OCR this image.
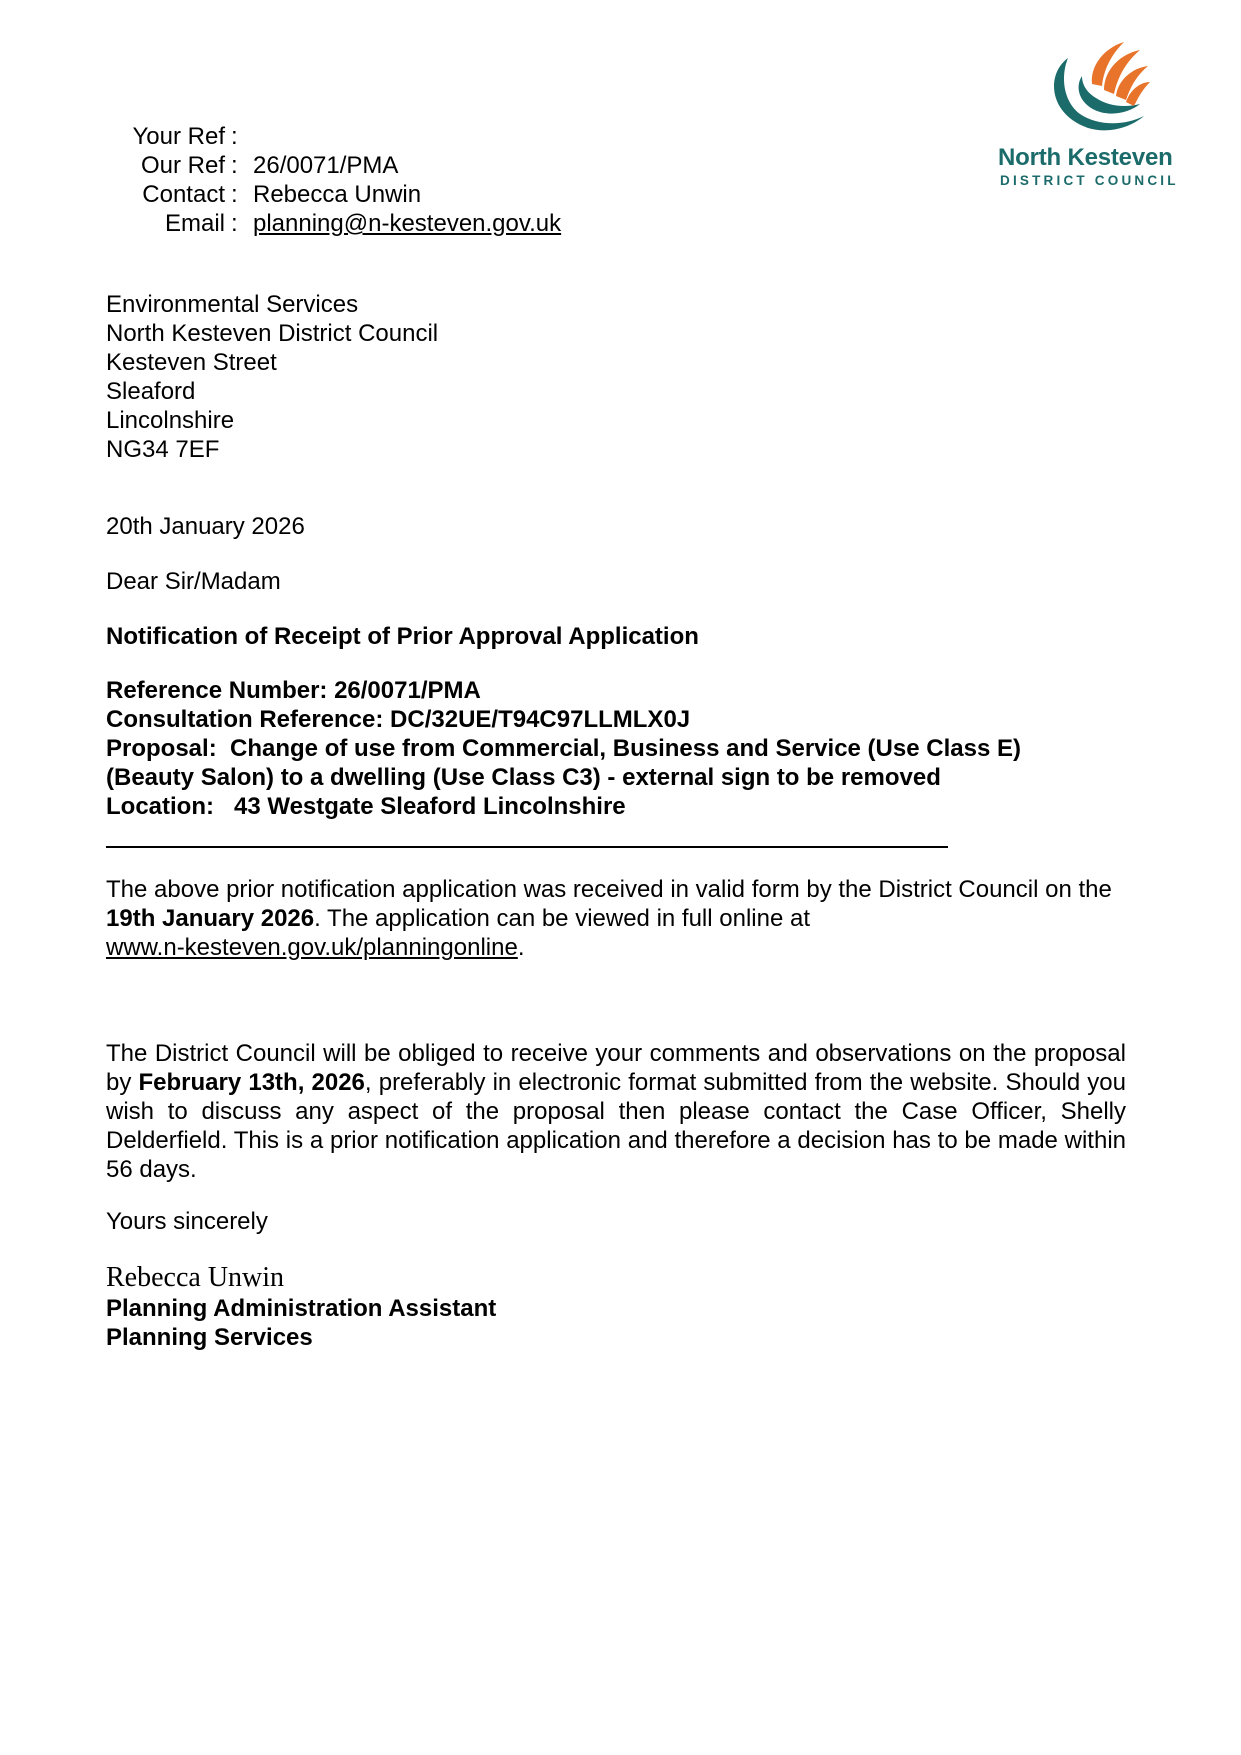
North Kesteven
DISTRICT COUNCIL
Your Ref :
Our Ref : 26/0071/PMA
Contact : Rebecca Unwin
Email : planning@n-kesteven.gov.uk
Environmental Services
North Kesteven District Council
Kesteven Street
Sleaford
Lincolnshire
NG34 7EF
20th January 2026
Dear Sir/Madam
Notification of Receipt of Prior Approval Application
Reference Number: 26/0071/PMA
Consultation Reference: DC/32UE/T94C97LLMLX0J
Proposal:  Change of use from Commercial, Business and Service (Use Class E)
(Beauty Salon) to a dwelling (Use Class C3) - external sign to be removed
Location:   43 Westgate Sleaford Lincolnshire
The above prior notification application was received in valid form by the District Council on the 19th January 2026. The application can be viewed in full online at
www.n-kesteven.gov.uk/planningonline.
The District Council will be obliged to receive your comments and observations on the proposal by February 13th, 2026, preferably in electronic format submitted from the website. Should you wish to discuss any aspect of the proposal then please contact the Case Officer, Shelly Delderfield. This is a prior notification application and therefore a decision has to be made within 56 days.
Yours sincerely
Rebecca Unwin
Planning Administration Assistant
Planning Services
